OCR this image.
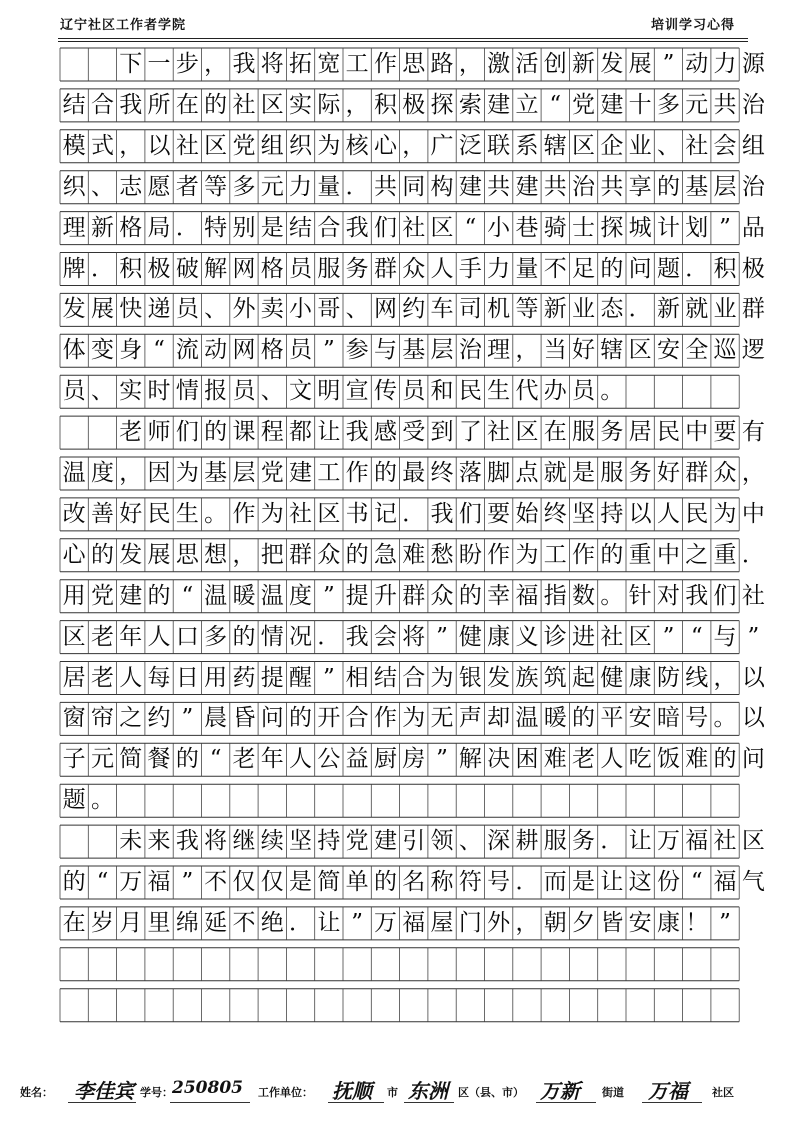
辽宁社区工作者学院	培训学习心得

下 一 步 ， 我 将 拓 宽 工 作 思 路 ， 激 活 创 新 发 展 ” 动 力 源
结 合 我 所 在 的 社 区 实 际 ， 积 极 探 索 建 立 “ 党 建 十 多 元 共 治
模 式 ， 以 社 区 党 组 织 为 核 心 ， 广 泛 联 系 辖 区 企 业 、 社 会 组
织 、 志 愿 者 等 多 元 力 量 ． 共 同 构 建 共 建 共 治 共 享 的 基 层 治
理 新 格 局 ． 特 别 是 结 合 我 们 社 区 “ 小 巷 骑 士 探 城 计 划 ” 品
牌 ． 积 极 破 解 网 格 员 服 务 群 众 人 手 力 量 不 足 的 问 题 ． 积 极
发 展 快 递 员 、 外 卖 小 哥 、 网 约 车 司 机 等 新 业 态 ． 新 就 业 群
体 变 身 “ 流 动 网 格 员 ” 参 与 基 层 治 理 ， 当 好 辖 区 安 全 巡 逻
员 、 实 时 情 报 员 、 文 明 宣 传 员 和 民 生 代 办 员 。

老 师 们 的 课 程 都 让 我 感 受 到 了 社 区 在 服 务 居 民 中 要 有
温 度 ， 因 为 基 层 党 建 工 作 的 最 终 落 脚 点 就 是 服 务 好 群 众 ，
改 善 好 民 生 。 作 为 社 区 书 记 ． 我 们 要 始 终 坚 持 以 人 民 为 中
心 的 发 展 思 想 ， 把 群 众 的 急 难 愁 盼 作 为 工 作 的 重 中 之 重 ．
用 党 建 的 “ 温 暖 温 度 ” 提 升 群 众 的 幸 福 指 数 。 针 对 我 们 社
区 老 年 人 口 多 的 情 况 ． 我 会 将 ” 健 康 义 诊 进 社 区 ” “ 与 ”
居 老 人 每 日 用 药 提 醒 ” 相 结 合 为 银 发 族 筑 起 健 康 防 线 ， 以
窗 帘 之 约 ” 晨 昏 问 的 开 合 作 为 无 声 却 温 暖 的 平 安 暗 号 。 以
子 元 简 餐 的 “ 老 年 人 公 益 厨 房 ” 解 决 困 难 老 人 吃 饭 难 的 问
题 。

未 来 我 将 继 续 坚 持 党 建 引 领 、 深 耕 服 务 ． 让 万 福 社 区
的 “ 万 福 ” 不 仅 仅 是 简 单 的 名 称 符 号 ． 而 是 让 这 份 “ 福 气
在 岁 月 里 绵 延 不 绝 ． 让 ” 万 福 屋 门 外 ， 朝 夕 皆 安 康 ！ ”
姓名： 李佳宾 学号： 250805 工作单位： 抚顺 市 东洲 区（县、市） 万新 街道 万福 社区
